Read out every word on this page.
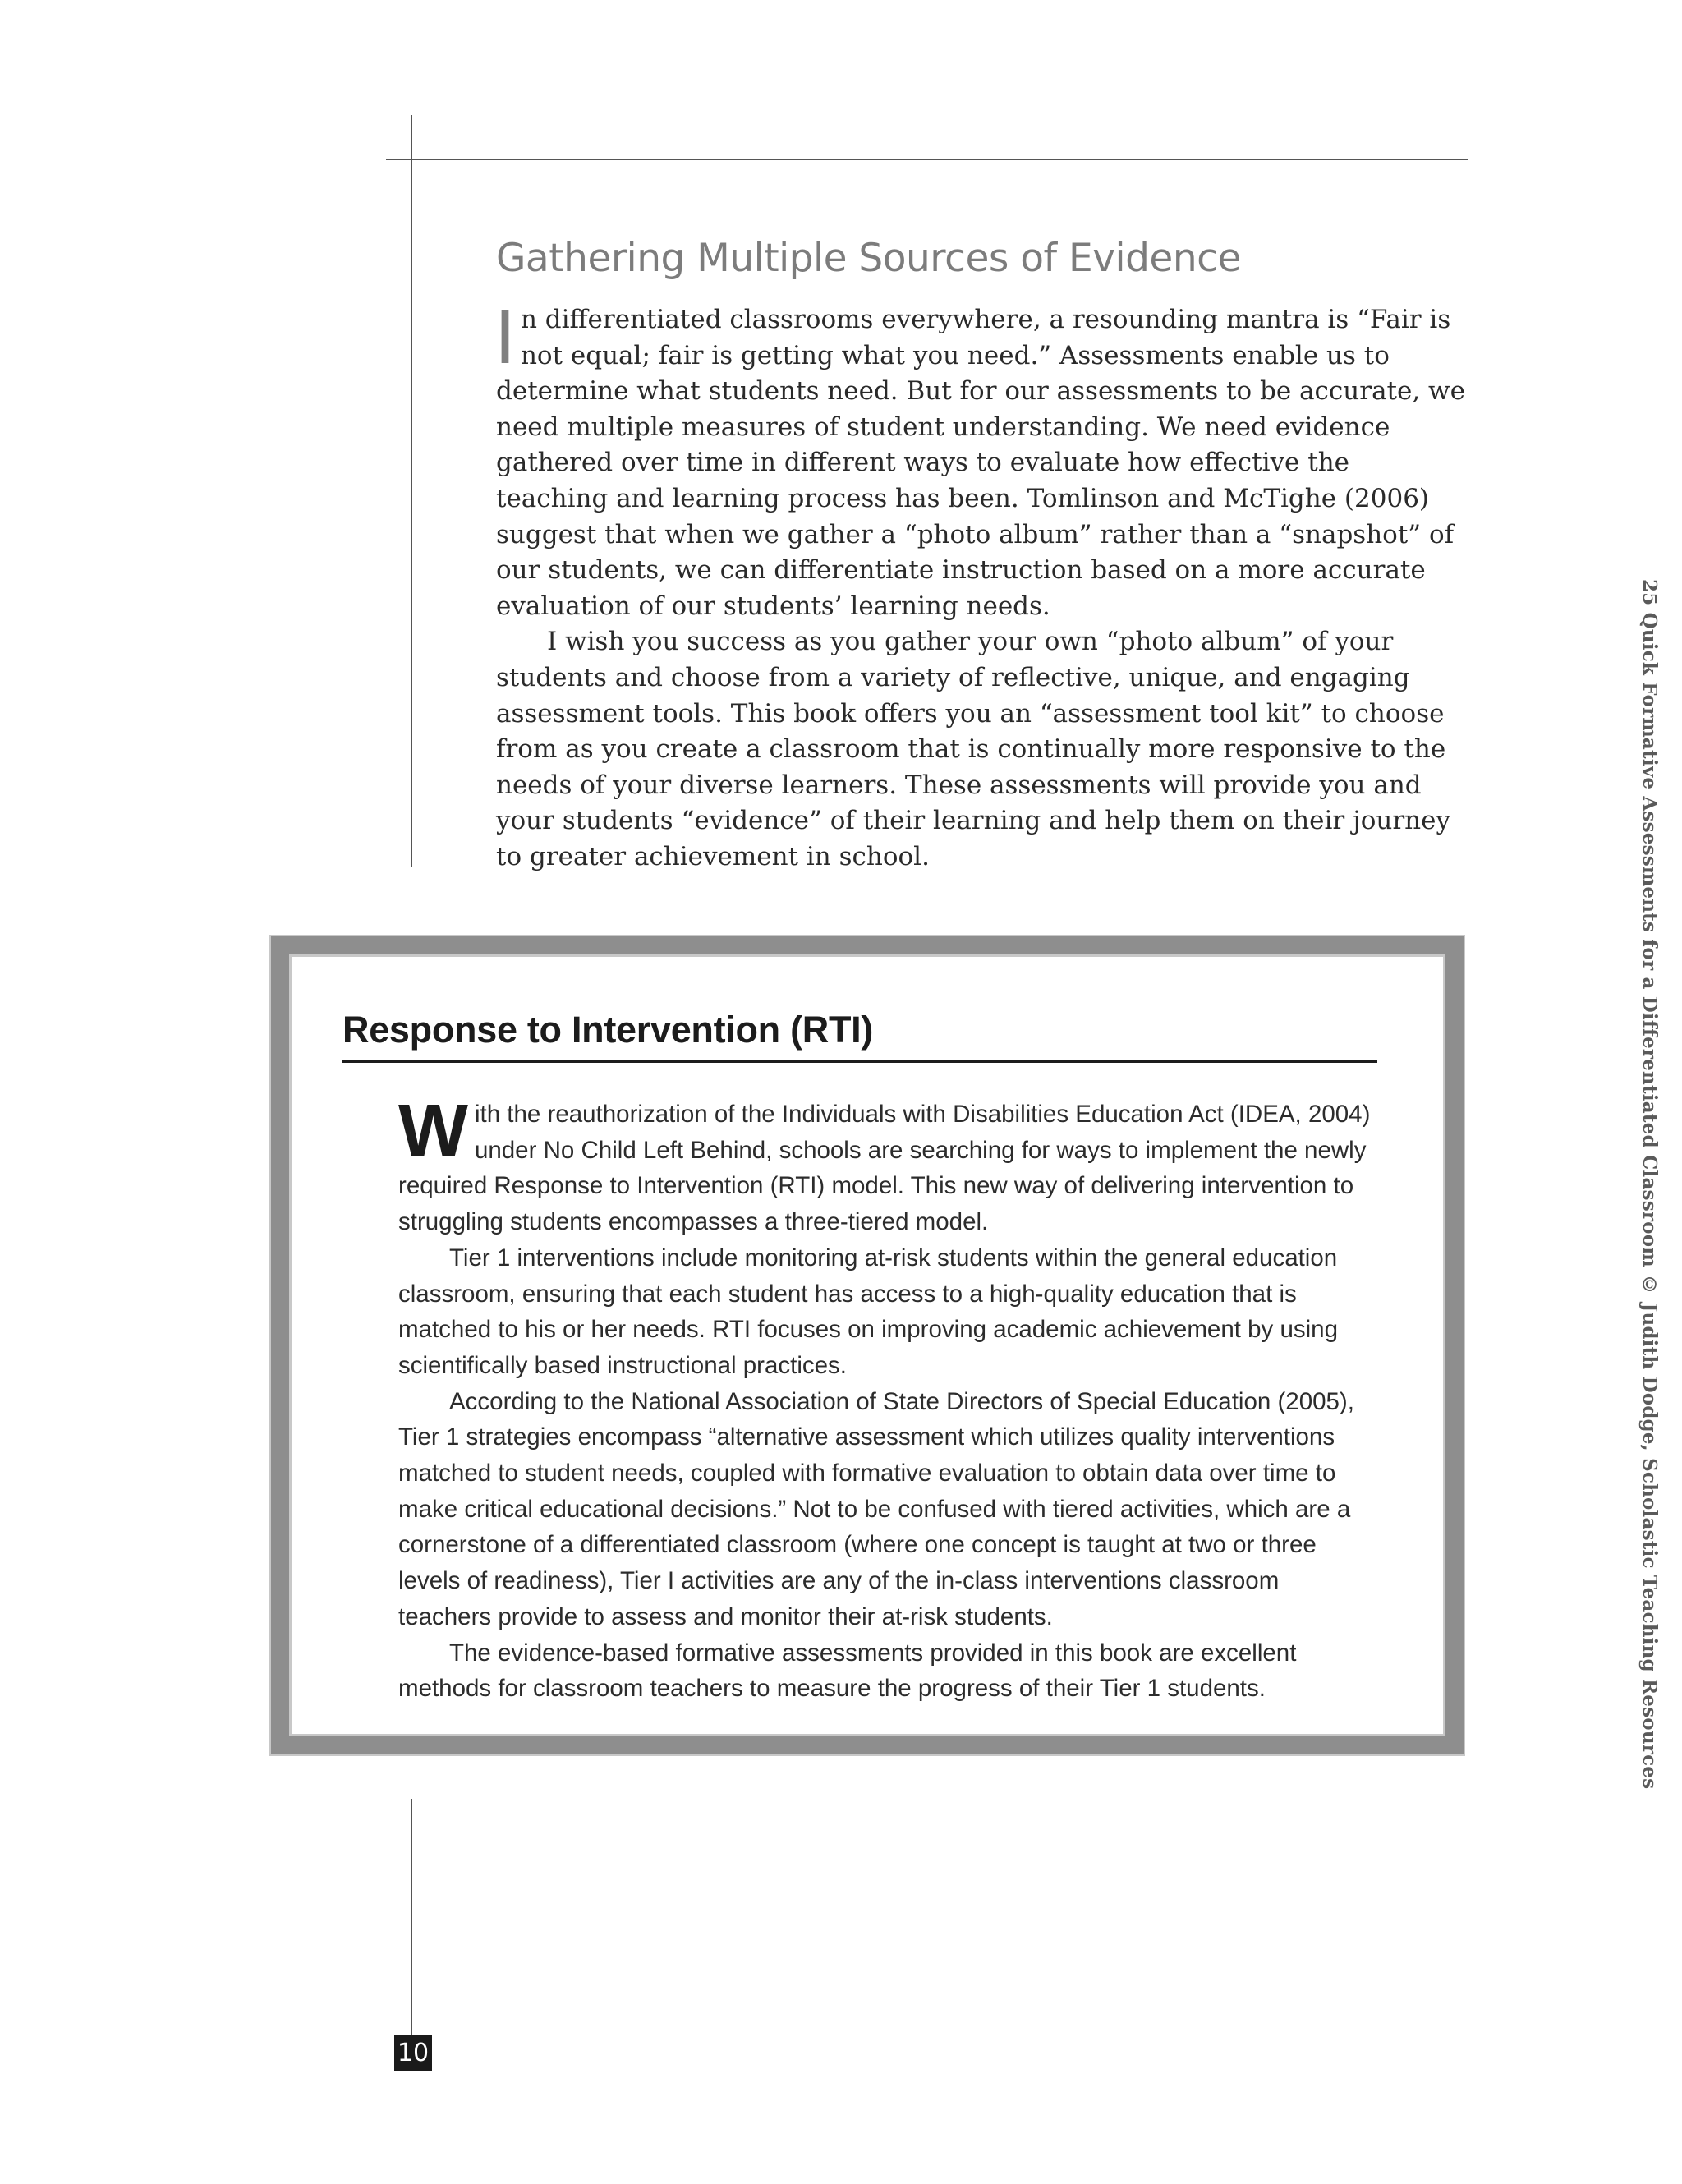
Gathering Multiple Sources of Evidence

In differentiated classrooms everywhere, a resounding mantra is “Fair is not equal; fair is getting what you need.” Assessments enable us to determine what students need. But for our assessments to be accurate, we need multiple measures of student understanding. We need evidence gathered over time in different ways to evaluate how effective the teaching and learning process has been. Tomlinson and McTighe (2006) suggest that when we gather a “photo album” rather than a “snapshot” of our students, we can differentiate instruction based on a more accurate evaluation of our students’ learning needs.

I wish you success as you gather your own “photo album” of your students and choose from a variety of reflective, unique, and engaging assessment tools. This book offers you an “assessment tool kit” to choose from as you create a classroom that is continually more responsive to the needs of your diverse learners. These assessments will provide you and your students “evidence” of their learning and help them on their journey to greater achievement in school.

Response to Intervention (RTI)

With the reauthorization of the Individuals with Disabilities Education Act (IDEA, 2004) under No Child Left Behind, schools are searching for ways to implement the newly required Response to Intervention (RTI) model. This new way of delivering intervention to struggling students encompasses a three-tiered model.

Tier 1 interventions include monitoring at-risk students within the general education classroom, ensuring that each student has access to a high-quality education that is matched to his or her needs. RTI focuses on improving academic achievement by using scientifically based instructional practices.

According to the National Association of State Directors of Special Education (2005), Tier 1 strategies encompass “alternative assessment which utilizes quality interventions matched to student needs, coupled with formative evaluation to obtain data over time to make critical educational decisions.” Not to be confused with tiered activities, which are a cornerstone of a differentiated classroom (where one concept is taught at two or three levels of readiness), Tier I activities are any of the in-class interventions classroom teachers provide to assess and monitor their at-risk students.

The evidence-based formative assessments provided in this book are excellent methods for classroom teachers to measure the progress of their Tier 1 students.	25 Quick Formative Assessments for a Differentiated Classroom © Judith Dodge, Scholastic Teaching Resources
10
